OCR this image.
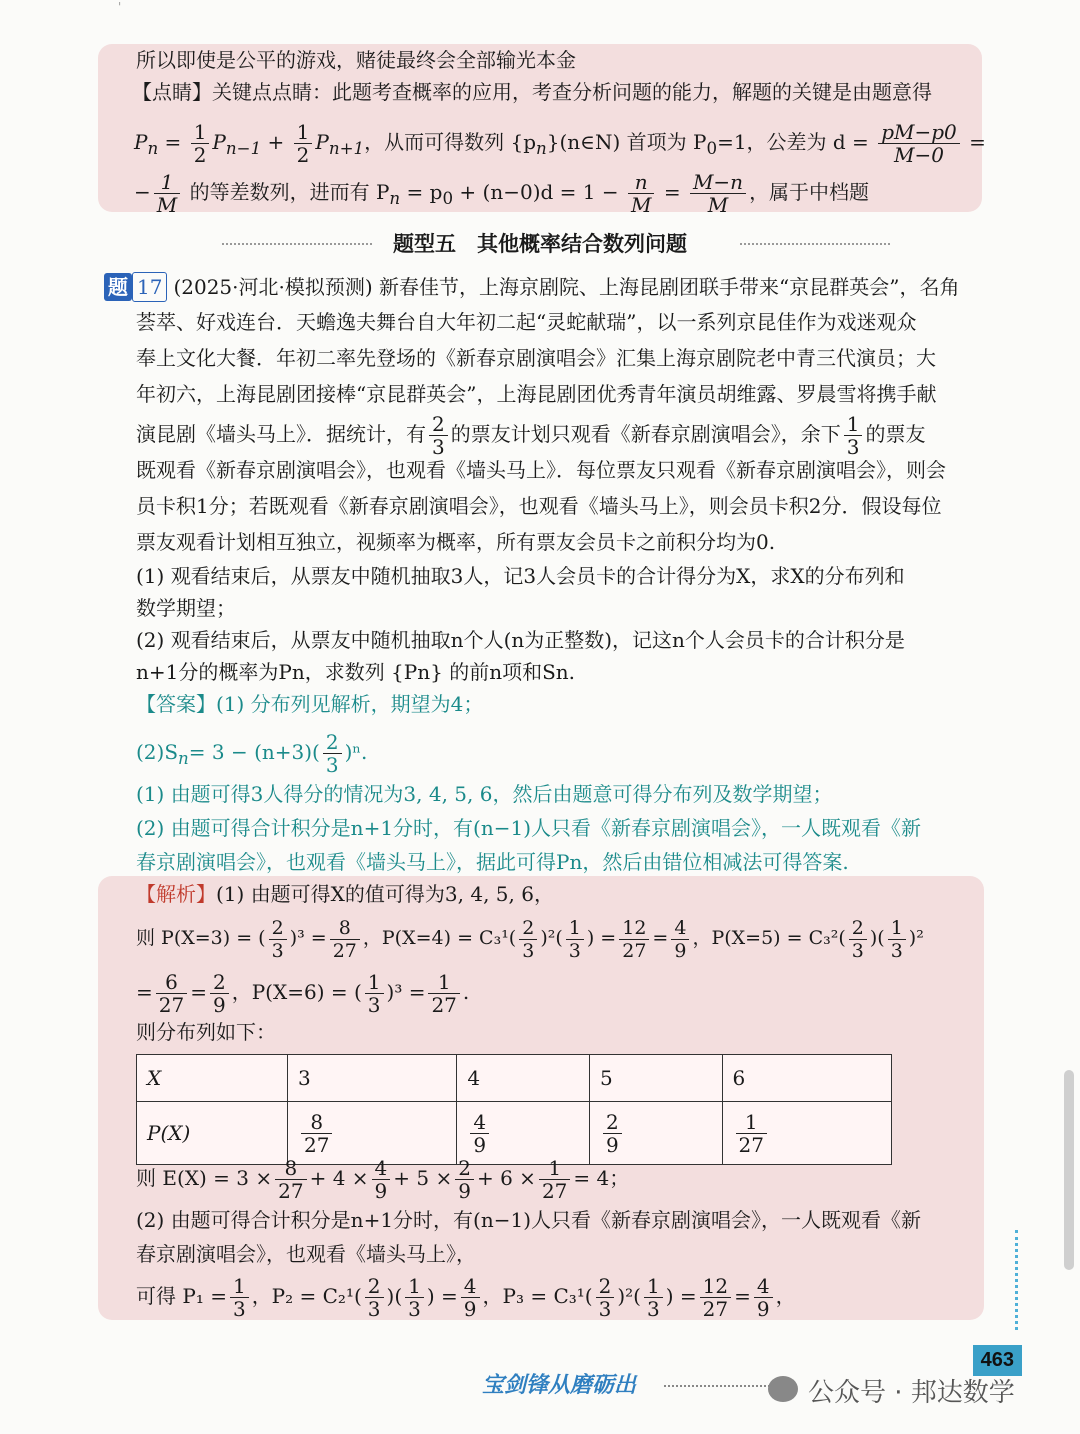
所以即使是公平的游戏，赌徒最终会全部输光本金
【点睛】关键点点睛：此题考查概率的应用，考查分析问题的能力，解题的关键是由题意得
$P_n = \frac{1}{2} P_{n-1} + \frac{1}{2} P_{n+1}$，从而可得数列 $\{p_n\}(n\in N)$ 首项为 $P_0=1$，公差为 $d = \frac{pM-p0}{M-0}$ =
− $\frac{1}{M}$ 的等差数列，进而有 $P_n = p_0 + (n-0)d = 1 - \frac{n}{M} = \frac{M-n}{M}$ ，属于中档题
题型五　其他概率结合数列问题
题 17 (2025·河北·模拟预测) 新春佳节，上海京剧院、上海昆剧团联手带来“京昆群英会”，名角
荟萃、好戏连台．天蟾逸夫舞台自大年初二起“灵蛇献瑞”，以一系列京昆佳作为戏迷观众
奉上文化大餐．年初二率先登场的《新春京剧演唱会》汇集上海京剧院老中青三代演员；大
年初六，上海昆剧团接棒“京昆群英会”，上海昆剧团优秀青年演员胡维露、罗晨雪将携手献
演昆剧《墙头马上》．据统计，有 $\frac{2}{3}$ 的票友计划只观看《新春京剧演唱会》，余下 $\frac{1}{3}$ 的票友
既观看《新春京剧演唱会》，也观看《墙头马上》．每位票友只观看《新春京剧演唱会》，则会
员卡积1分；若既观看《新春京剧演唱会》，也观看《墙头马上》，则会员卡积2分．假设每位
票友观看计划相互独立，视频率为概率，所有票友会员卡之前积分均为0.
(1) 观看结束后，从票友中随机抽取3人，记3人会员卡的合计得分为X，求X的分布列和
数学期望；
(2) 观看结束后，从票友中随机抽取n个人(n为正整数)，记这n个人会员卡的合计积分是
n+1分的概率为Pn，求数列 {Pn} 的前n项和Sn.
【答案】(1) 分布列见解析，期望为4；
$(2)S_n= 3 - (n+3)( \frac{2}{3} )^n$.
(1) 由题可得3人得分的情况为3, 4, 5, 6，然后由题意可得分布列及数学期望；
(2) 由题可得合计积分是n+1分时，有(n−1)人只看《新春京剧演唱会》，一人既观看《新
春京剧演唱会》，也观看《墙头马上》，据此可得Pn，然后由错位相减法可得答案.
【解析】(1) 由题可得X的值可得为3, 4, 5, 6，
则 P(X=3) = ( $\frac{2}{3} )^3 = \frac{8}{27}$ ，$P(X=4) = C_3^1( \frac{2}{3} )^2( \frac{1}{3}$ ) = $\frac{12}{27} = \frac{4}{9}$ ，$P(X=5) = C_3^2( \frac{2}{3}$ )( $\frac{1}{3} )^2$
= $\frac{6}{27} = \frac{2}{9}$ ，P(X=6) = ( $\frac{1}{3} )^3 = \frac{1}{27}$ .
则分布列如下：
X	3	4	5	6
P(X)	$\frac{8}{27}$	$\frac{4}{9}$	$\frac{2}{9}$	$\frac{1}{27}$
则 $E(X) = 3 \times \frac{8}{27} + 4 \times \frac{4}{9} + 5 \times \frac{2}{9} + 6 \times \frac{1}{27} = 4$；
(2) 由题可得合计积分是n+1分时，有(n−1)人只看《新春京剧演唱会》，一人既观看《新
春京剧演唱会》，也观看《墙头马上》，
可得 $P_1 = \frac{1}{3}$ ，$P_2 = C_2^1( \frac{2}{3}$ )( $\frac{1}{3}$ ) = $\frac{4}{9}$ ，$P_3 = C_3^1( \frac{2}{3} )^2( \frac{1}{3}$ ) = $\frac{12}{27} = \frac{4}{9}$ ，
'
463
宝剑锋从磨砺出	公众号 · 邦达数学
